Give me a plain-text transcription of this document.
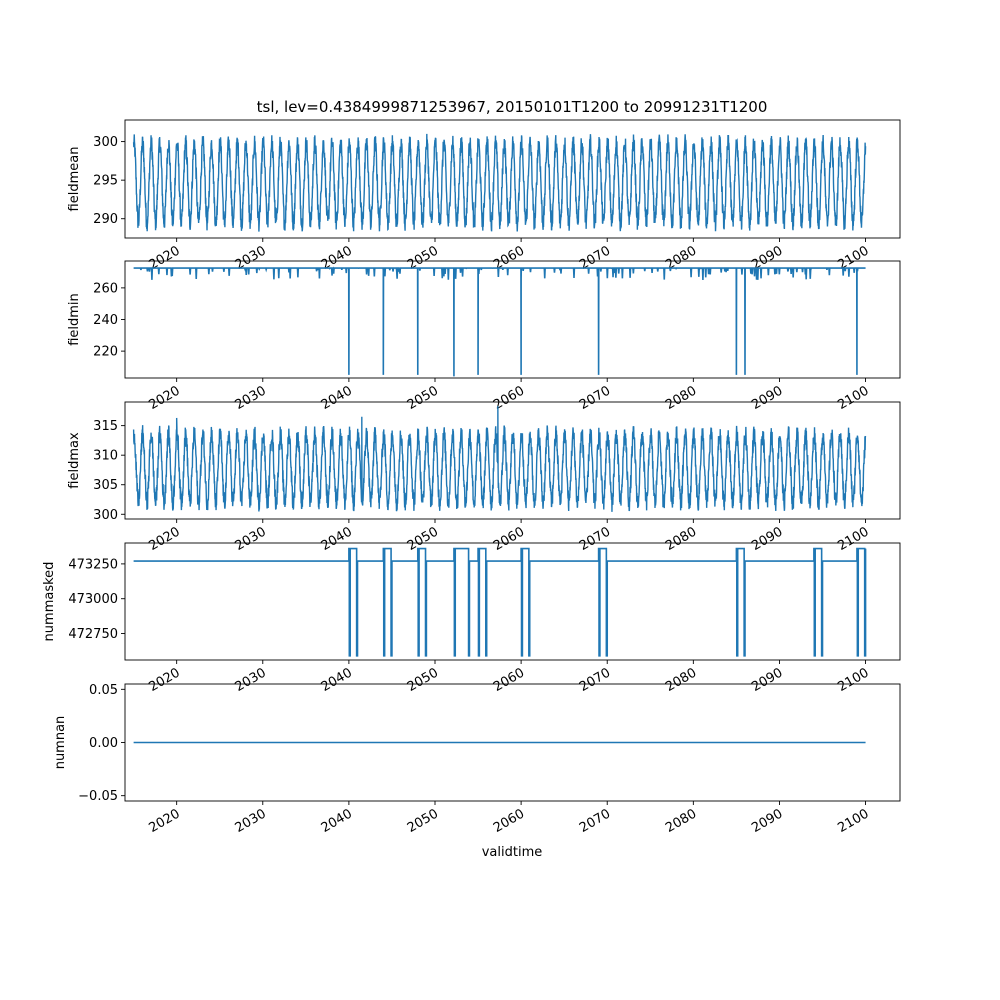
tsl, lev=0.4384999871253967, 20150101T1200 to 20991231T1200
290
295
300
fieldmean
2020	2030	2040	2050	2060	2070	2080	2090	2100
220
240
260
fieldmin
2020	2030	2040	2050	2060	2070	2080	2090	2100
300
305
310
315
fieldmax
2020	2030	2040	2050	2060	2070	2080	2090	2100
472750
473000
473250
nummasked
2020	2030	2040	2050	2060	2070	2080	2090	2100
−0.05
0.00
0.05
numnan
2020	2030	2040	2050	2060	2070	2080	2090	2100
validtime
